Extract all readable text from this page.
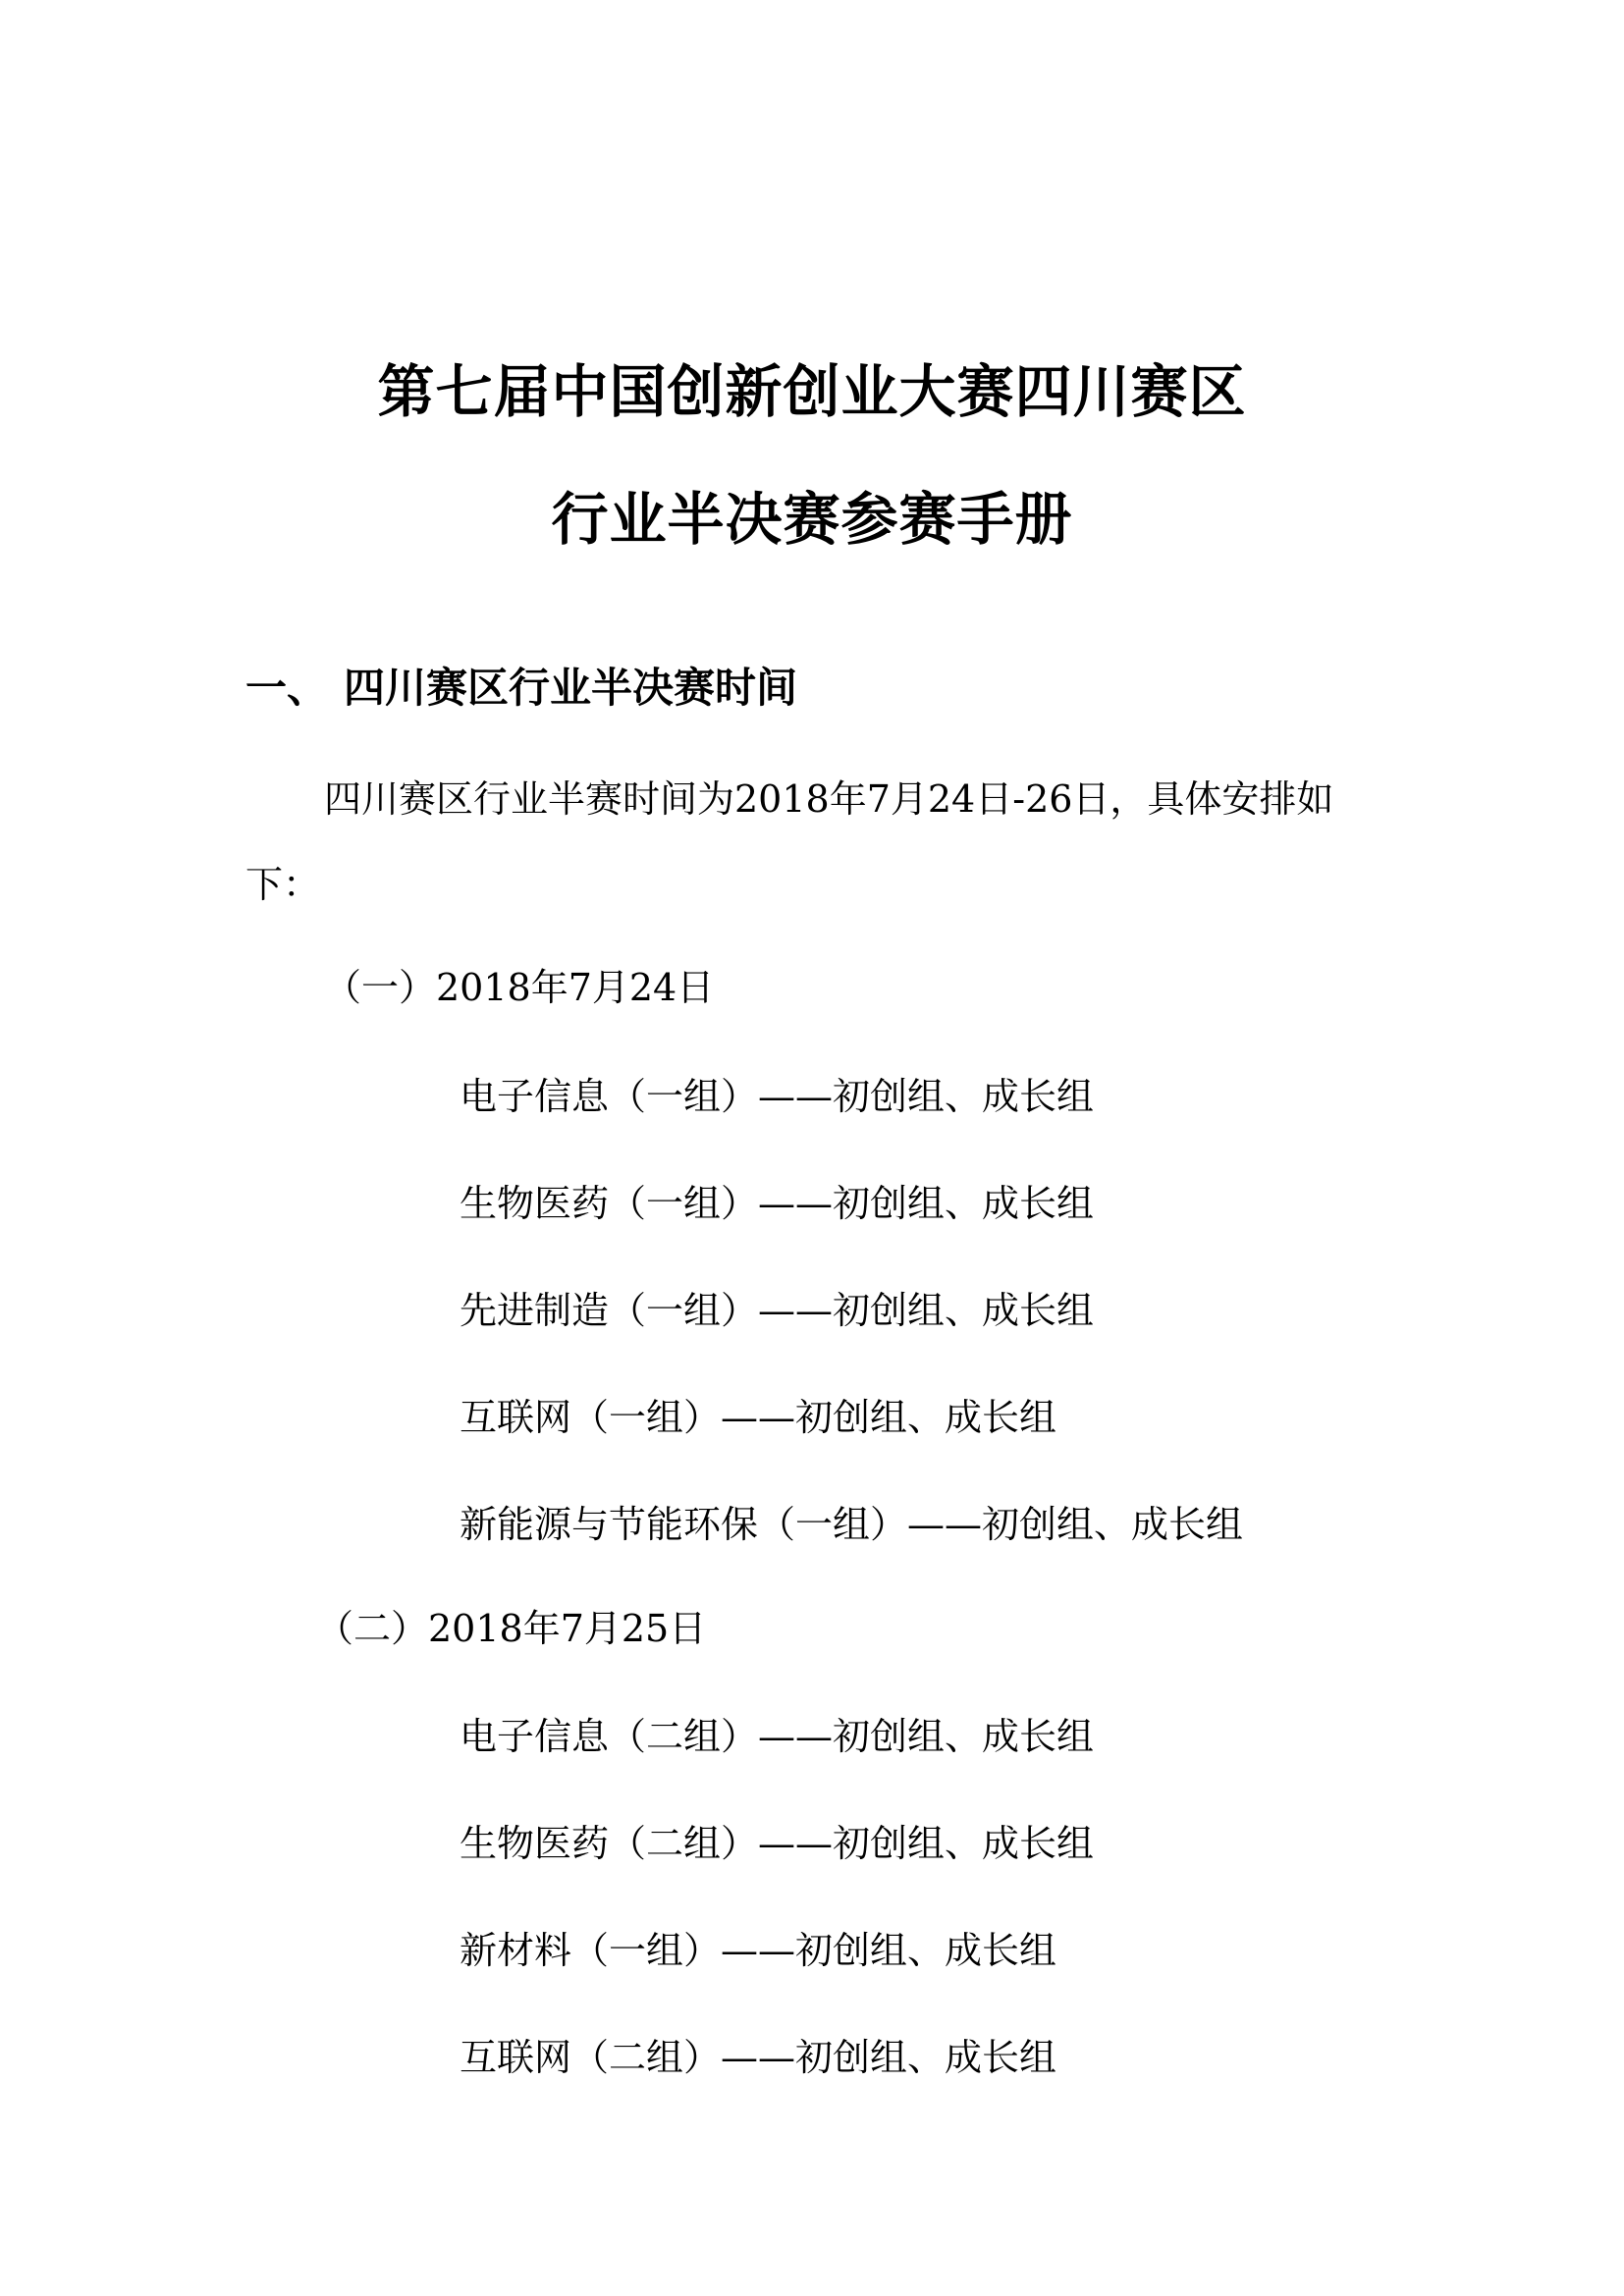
第七届中国创新创业大赛四川赛区
行业半决赛参赛手册
一、 四川赛区行业半决赛时间
四川赛区行业半赛时间为2018年7月24日-26日，具体安排如
下：
（一）2018年7月24日
电子信息（一组）——初创组、成长组
生物医药（一组）——初创组、成长组
先进制造（一组）——初创组、成长组
互联网（一组）——初创组、成长组
新能源与节能环保（一组）——初创组、成长组
（二）2018年7月25日
电子信息（二组）——初创组、成长组
生物医药（二组）——初创组、成长组
新材料（一组）——初创组、成长组
互联网（二组）——初创组、成长组
